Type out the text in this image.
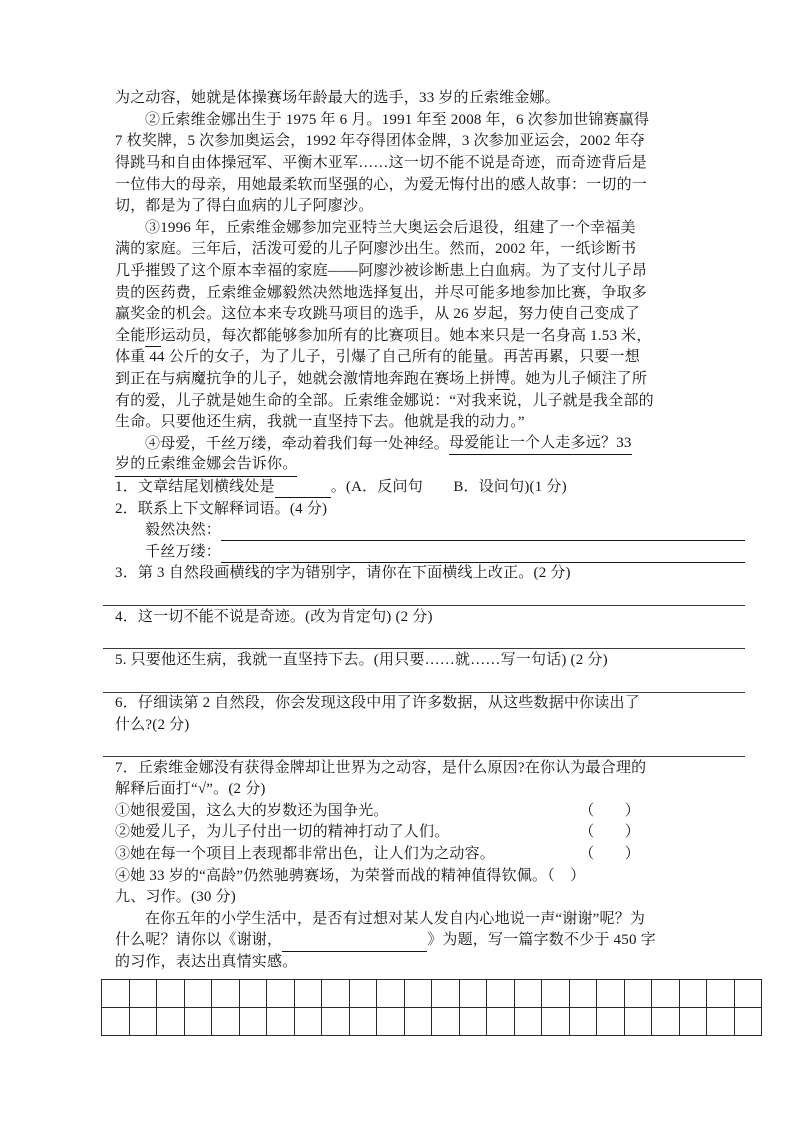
为之动容，她就是体操赛场年龄最大的选手，33 岁的丘索维金娜。
②丘索维金娜出生于 1975 年 6 月。1991 年至 2008 年，6 次参加世锦赛赢得
7 枚奖牌，5 次参加奥运会，1992 年夺得团体金牌，3 次参加亚运会，2002 年夺
得跳马和自由体操冠军、平衡木亚军……这一切不能不说是奇迹，而奇迹背后是
一位伟大的母亲，用她最柔软而坚强的心，为爱无悔付出的感人故事：一切的一
切，都是为了得白血病的儿子阿廖沙。
③1996 年，丘索维金娜参加完亚特兰大奥运会后退役，组建了一个幸福美
满的家庭。三年后，活泼可爱的儿子阿廖沙出生。然而，2002 年，一纸诊断书
几乎摧毁了这个原本幸福的家庭——阿廖沙被诊断患上白血病。为了支付儿子昂
贵的医药费，丘索维金娜毅然决然地选择复出，并尽可能多地参加比赛，争取多
赢奖金的机会。这位本来专攻跳马项目的选手，从 26 岁起，努力使自己变成了
全能 形 运动员，每次都能够参加所有的比赛项目。她本来只是一名身高 1.53 米，
体重 44 公斤的女子，为了儿子，引爆了自己所有的能量。再苦再累，只要一想
到正在与病魔抗争的儿子，她就会激情地奔跑在赛场上拼 博 。她为儿子倾注了所
有的爱，儿子就是她生命的全部。丘索维金娜说：“对我来说，儿子就是我全部的
生命。只要他还生病，我就一直坚持下去。他就是我的动力。”
④母爱，千丝万缕，牵动着我们每一处神经。 母爱能让一个人走多远？33
岁的丘索维金娜会告诉你。
1．文章结尾划横线处是	。(A．反问句　　B．设问句)(1 分)
2．联系上下文解释词语。(4 分)
毅然决然：
千丝万缕：
3．第 3 自然段画横线的字为错别字，请你在下面横线上改正。(2 分)
4．这一切不能不说是奇迹。(改为肯定句) (2 分)
5. 只要他还生病，我就一直坚持下去。(用只要……就……写一句话) (2 分)
6．仔细读第 2 自然段，你会发现这段中用了许多数据，从这些数据中你读出了
什么?(2 分)
7．丘索维金娜没有获得金牌却让世界为之动容，是什么原因?在你认为最合理的
解释后面打“√”。(2 分)
①她很爱国，这么大的岁数还为国争光。	（　　）
②她爱儿子，为儿子付出一切的精神打动了人们。	（　　）
③她在每一个项目上表现都非常出色，让人们为之动容。	（　　）
④她 33 岁的“高龄”仍然驰骋赛场，为荣誉而战的精神值得钦佩。（　）
九、习作。(30 分)
在你五年的小学生活中，是否有过想对某人发自内心地说一声“谢谢”呢？为
什么呢？请你以《谢谢，	》为题，写一篇字数不少于 450 字
的习作，表达出真情实感。
